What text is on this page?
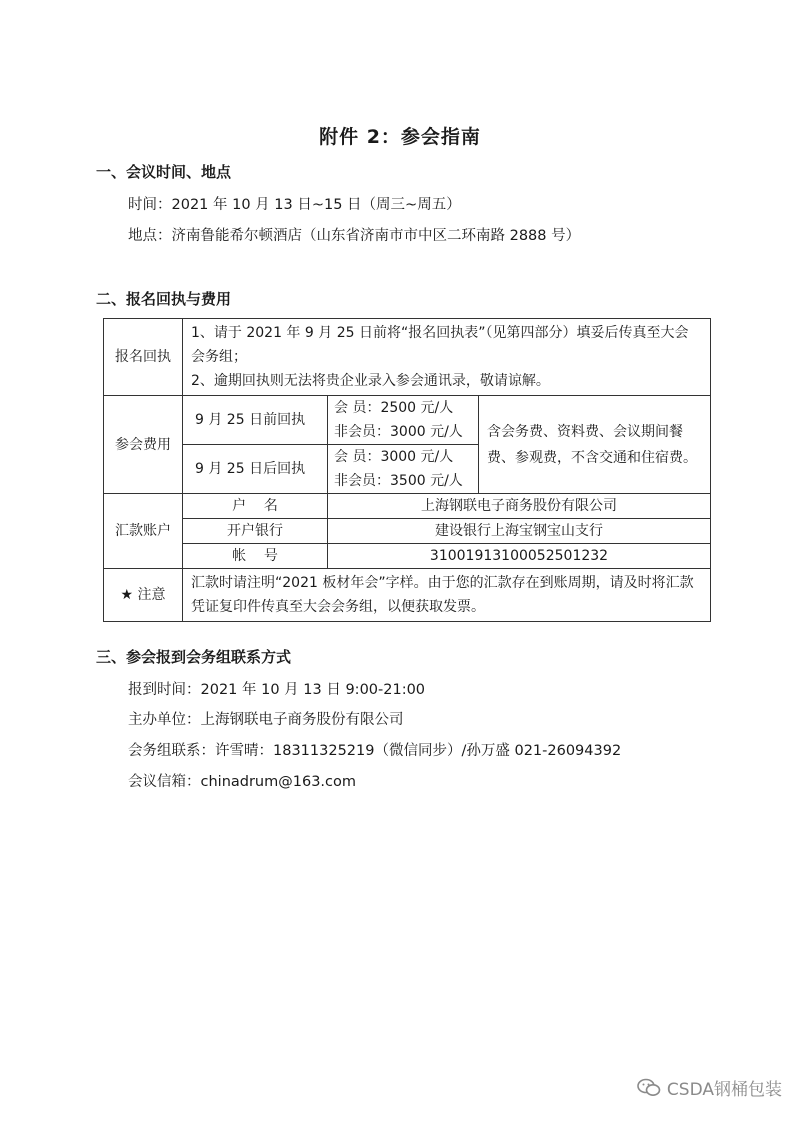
附件 2：参会指南
一、会议时间、地点
时间：2021 年 10 月 13 日~15 日（周三~周五）
地点：济南鲁能希尔顿酒店（山东省济南市市中区二环南路 2888 号）
二、报名回执与费用
报名回执	1、请于 2021 年 9 月 25 日前将“报名回执表”（见第四部分）填妥后传真至大会会务组；
2、逾期回执则无法将贵企业录入参会通讯录，敬请谅解。		

参会费用	9 月 25 日前回执	会 员：2500 元/人
非会员：3000 元/人	含会务费、资料费、会议期间餐费、参观费，不含交通和住宿费。
	9 月 25 日后回执	会 员：3000 元/人
非会员：3500 元/人	

汇款账户	户    名	上海钢联电子商务股份有限公司	
	开户银行	建设银行上海宝钢宝山支行	
	帐    号	31001913100052501232	
★ 注意	汇款时请注明“2021 板材年会”字样。由于您的汇款存在到账周期，请及时将汇款凭证复印件传真至大会会务组，以便获取发票。		
三、参会报到会务组联系方式
报到时间：2021 年 10 月 13 日 9:00-21:00
主办单位：上海钢联电子商务股份有限公司
会务组联系：许雪晴：18311325219（微信同步）/孙万盛 021-26094392
会议信箱：chinadrum@163.com
CSDA钢桶包装
